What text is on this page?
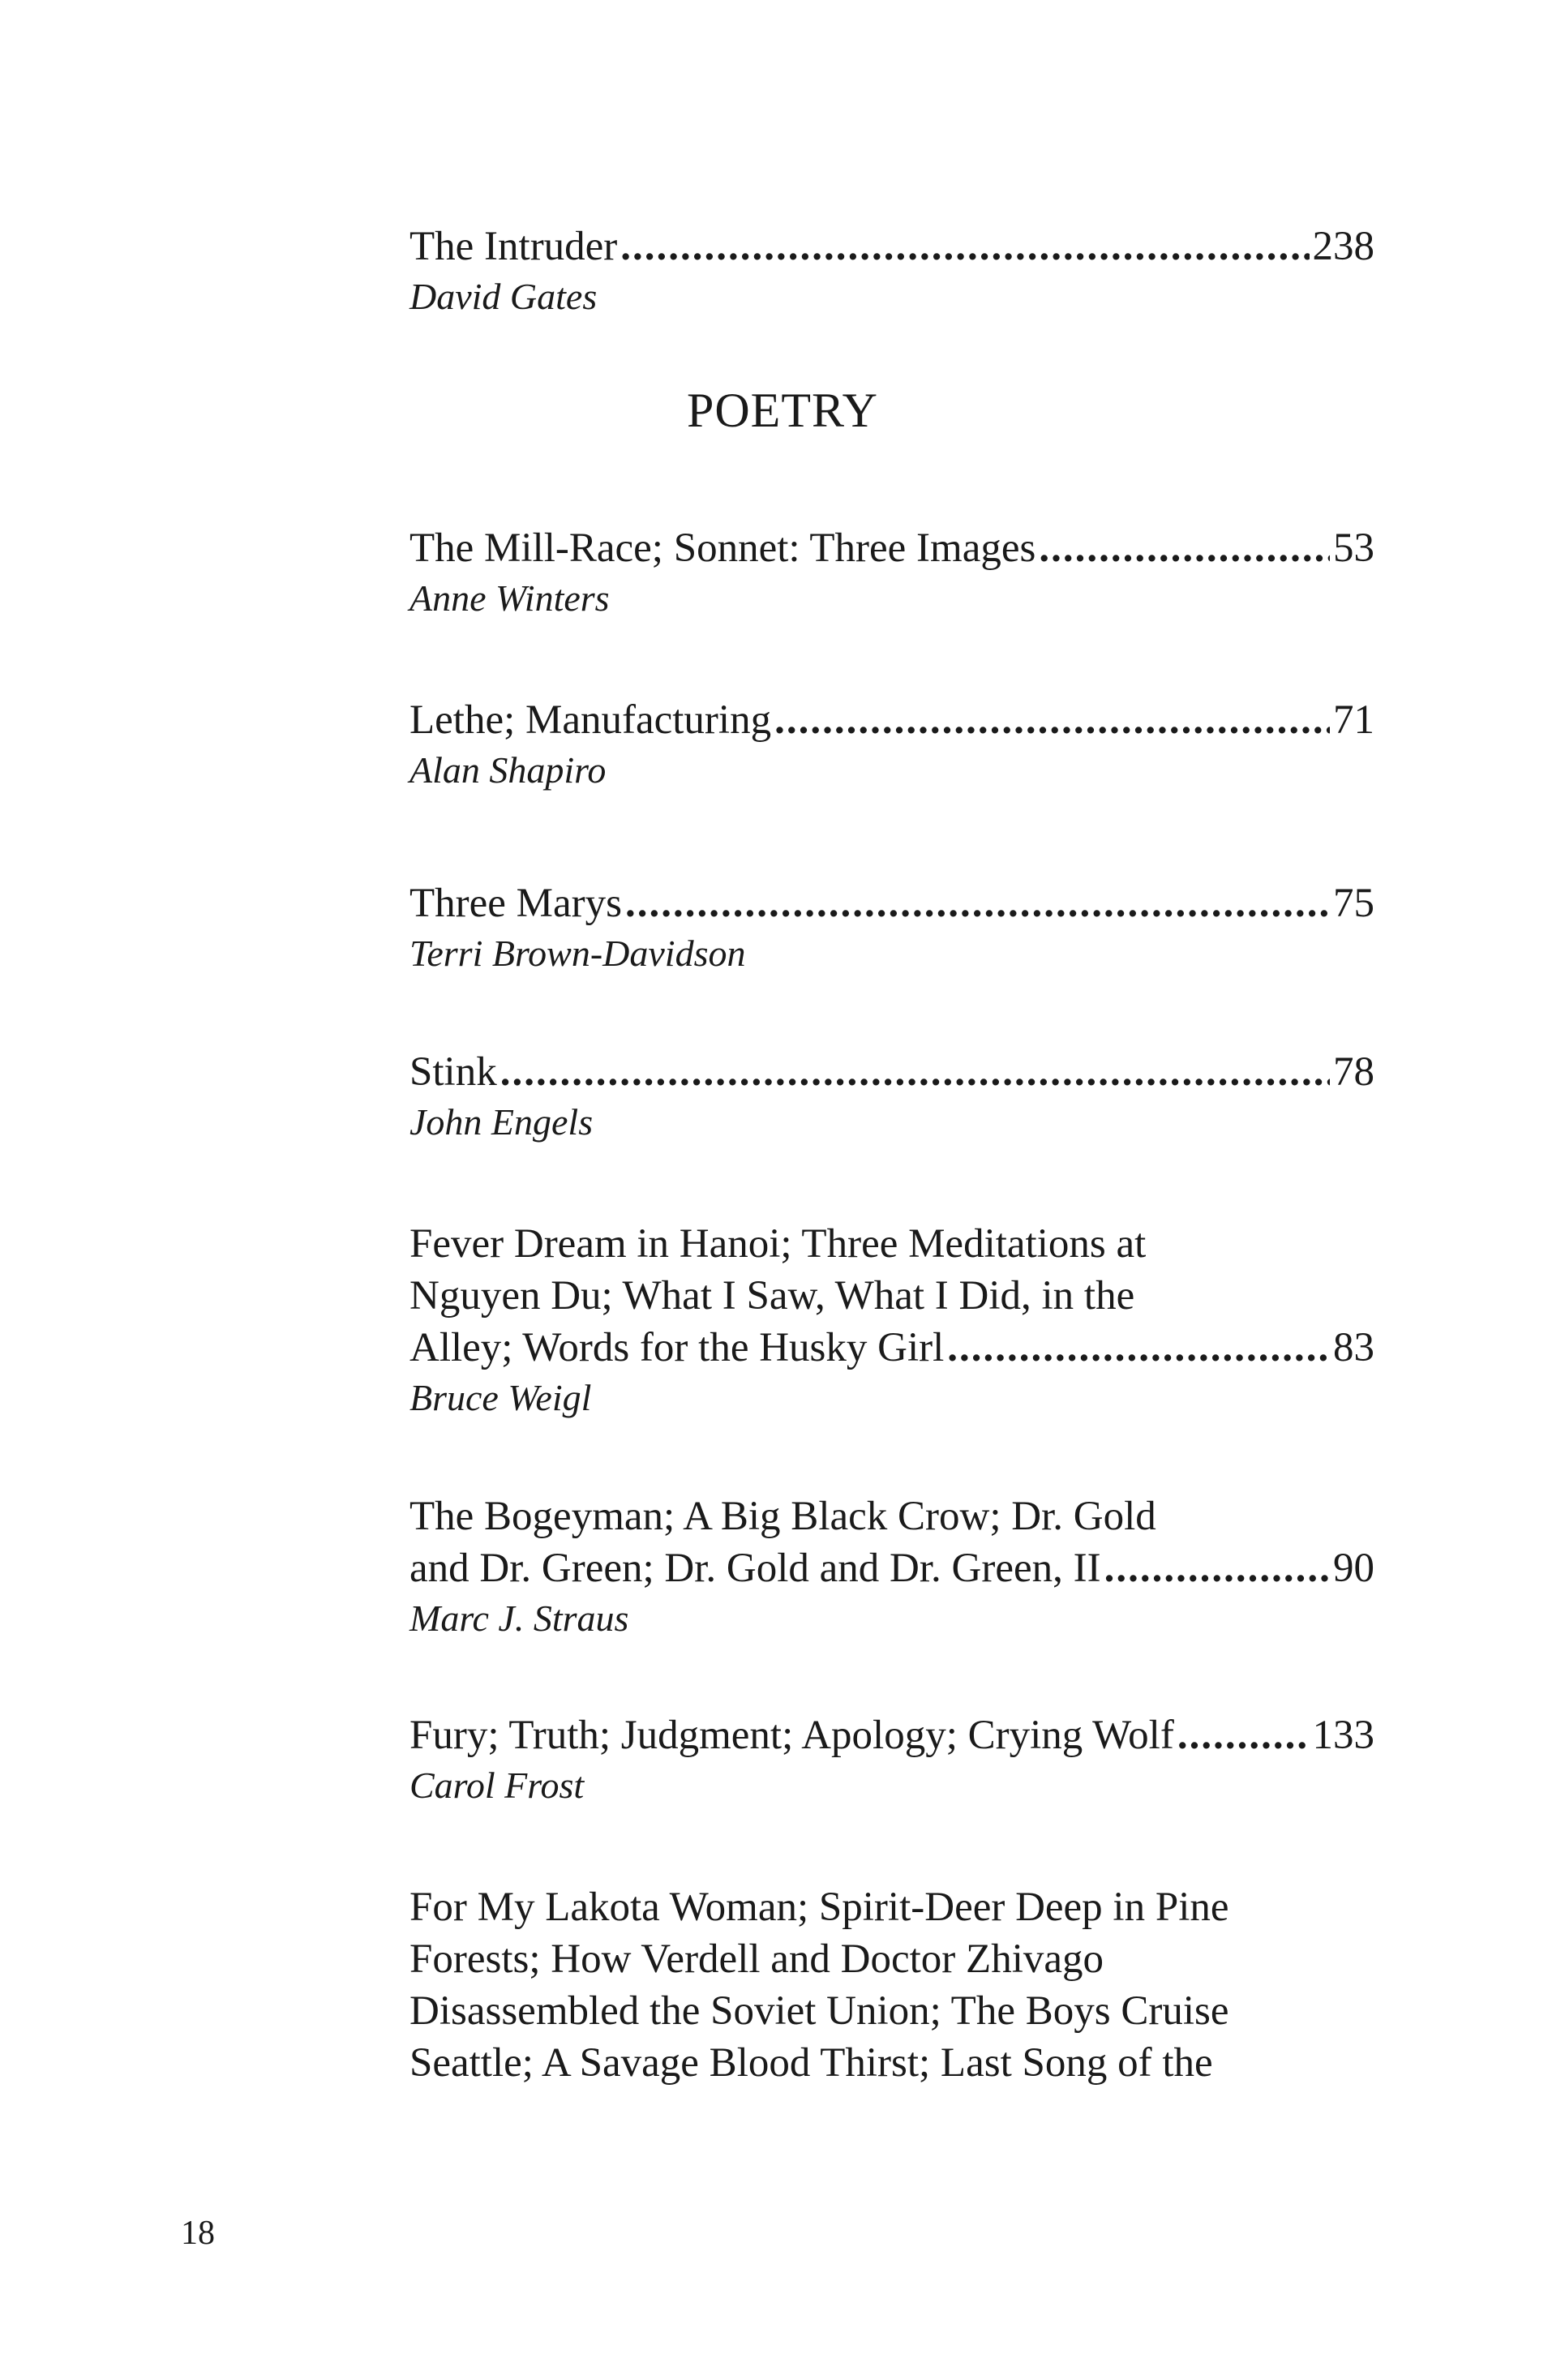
The Intruder .....	238
David Gates
POETRY
The Mill-Race; Sonnet: Three Images .....	53
Anne Winters
Lethe; Manufacturing .....	71
Alan Shapiro
Three Marys .....	75
Terri Brown-Davidson
Stink .....	78
John Engels
Fever Dream in Hanoi; Three Meditations at
Nguyen Du; What I Saw, What I Did, in the
Alley; Words for the Husky Girl .....	83
Bruce Weigl
The Bogeyman; A Big Black Crow; Dr. Gold
and Dr. Green; Dr. Gold and Dr. Green, II .....	90
Marc J. Straus
Fury; Truth; Judgment; Apology; Crying Wolf .....	133
Carol Frost
For My Lakota Woman; Spirit-Deer Deep in Pine
Forests; How Verdell and Doctor Zhivago
Disassembled the Soviet Union; The Boys Cruise
Seattle; A Savage Blood Thirst; Last Song of the
18
